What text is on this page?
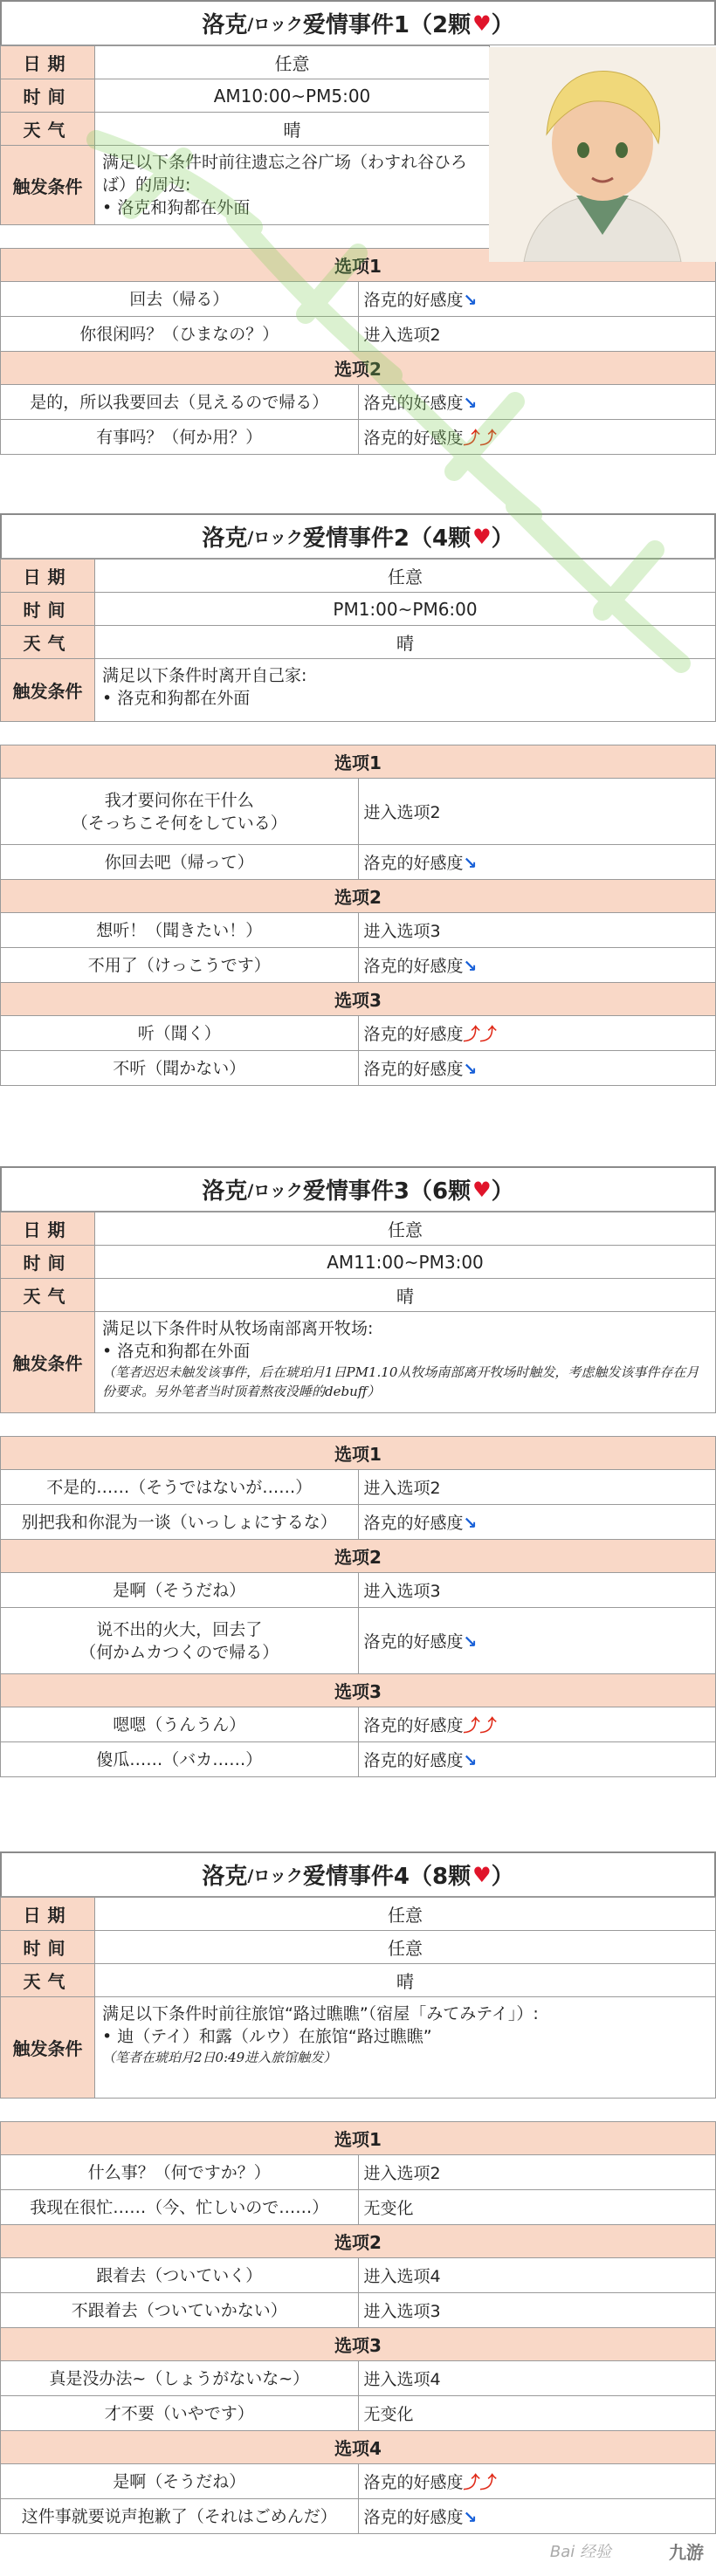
洛克 /ロック 爱情事件1（2颗 ♥ ）
日期	任意
时间	AM10:00~PM5:00
天气	晴
触发条件	满足以下条件时前往遗忘之谷广场（わすれ谷ひろば）的周边:
• 洛克和狗都在外面
选项1	

回去（帰る）	洛克的好感度↘

你很闲吗？（ひまなの？）	进入选项2
选项2	

是的，所以我要回去（見えるので帰る）	洛克的好感度↘

有事吗？（何か用？）	洛克的好感度⤴⤴
洛克 /ロック 爱情事件2（4颗 ♥ ）
日期	任意
时间	PM1:00~PM6:00
天气	晴
触发条件	满足以下条件时离开自己家:
• 洛克和狗都在外面
选项1	

我才要问你在干什么
（そっちこそ何をしている）	进入选项2

你回去吧（帰って）	洛克的好感度↘
选项2	

想听！（聞きたい！）	进入选项3

不用了（けっこうです）	洛克的好感度↘
选项3	

听（聞く）	洛克的好感度⤴⤴

不听（聞かない）	洛克的好感度↘
洛克 /ロック 爱情事件3（6颗 ♥ ）
日期	任意
时间	AM11:00~PM3:00
天气	晴
触发条件	满足以下条件时从牧场南部离开牧场:
• 洛克和狗都在外面
（笔者迟迟未触发该事件，后在琥珀月1日PM1.10从牧场南部离开牧场时触发，考虑触发该事件存在月份要求。另外笔者当时顶着熬夜没睡的debuff）
选项1	

不是的……（そうではないが……）	进入选项2

别把我和你混为一谈（いっしょにするな）	洛克的好感度↘
选项2	

是啊（そうだね）	进入选项3

说不出的火大，回去了
（何かムカつくので帰る）	洛克的好感度↘
选项3	

嗯嗯（うんうん）	洛克的好感度⤴⤴

傻瓜……（バカ……）	洛克的好感度↘
洛克 /ロック 爱情事件4（8颗 ♥ ）
日期	任意
时间	任意
天气	晴
触发条件	满足以下条件时前往旅馆“路过瞧瞧”（宿屋「みてみテイ」）:
• 迪（テイ）和露（ルウ）在旅馆“路过瞧瞧”
（笔者在琥珀月2日0:49进入旅馆触发）
选项1	

什么事？（何ですか？）	进入选项2

我现在很忙……（今、忙しいので……）	无变化
选项2	

跟着去（ついていく）	进入选项4

不跟着去（ついていかない）	进入选项3
选项3	

真是没办法~（しょうがないな~）	进入选项4

才不要（いやです）	无变化
选项4	

是啊（そうだね）	洛克的好感度⤴⤴

这件事就要说声抱歉了（それはごめんだ）	洛克的好感度↘
Bai 经验	九游
